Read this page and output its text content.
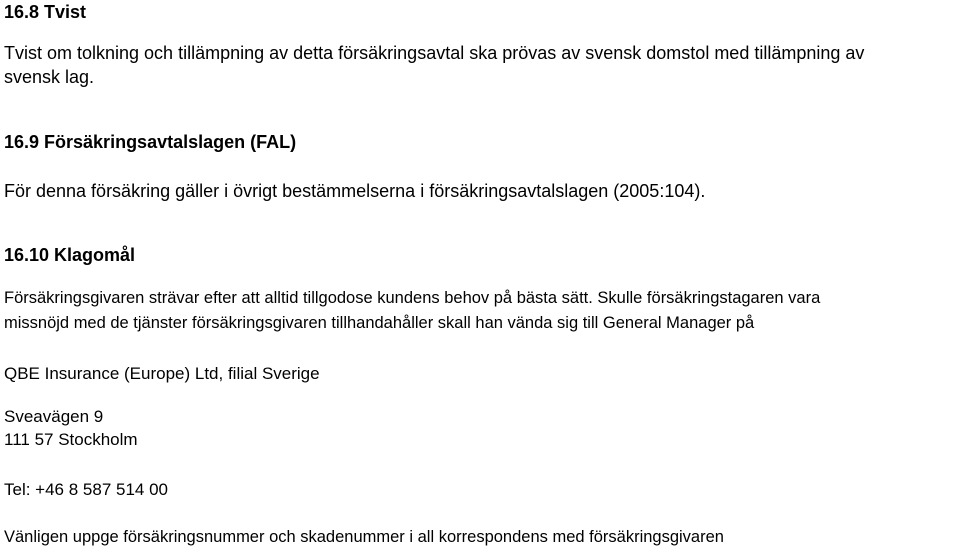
16.8 Tvist

Tvist om tolkning och tillämpning av detta försäkringsavtal ska prövas av svensk domstol med tillämpning av

svensk lag.

16.9 Försäkringsavtalslagen (FAL)

För denna försäkring gäller i övrigt bestämmelserna i försäkringsavtalslagen (2005:104).

16.10 Klagomål

Försäkringsgivaren strävar efter att alltid tillgodose kundens behov på bästa sätt. Skulle försäkringstagaren vara

missnöjd med de tjänster försäkringsgivaren tillhandahåller skall han vända sig till General Manager på

QBE Insurance (Europe) Ltd, filial Sverige

Sveavägen 9

111 57 Stockholm

Tel: +46 8 587 514 00

Vänligen uppge försäkringsnummer och skadenummer i all korrespondens med försäkringsgivaren
